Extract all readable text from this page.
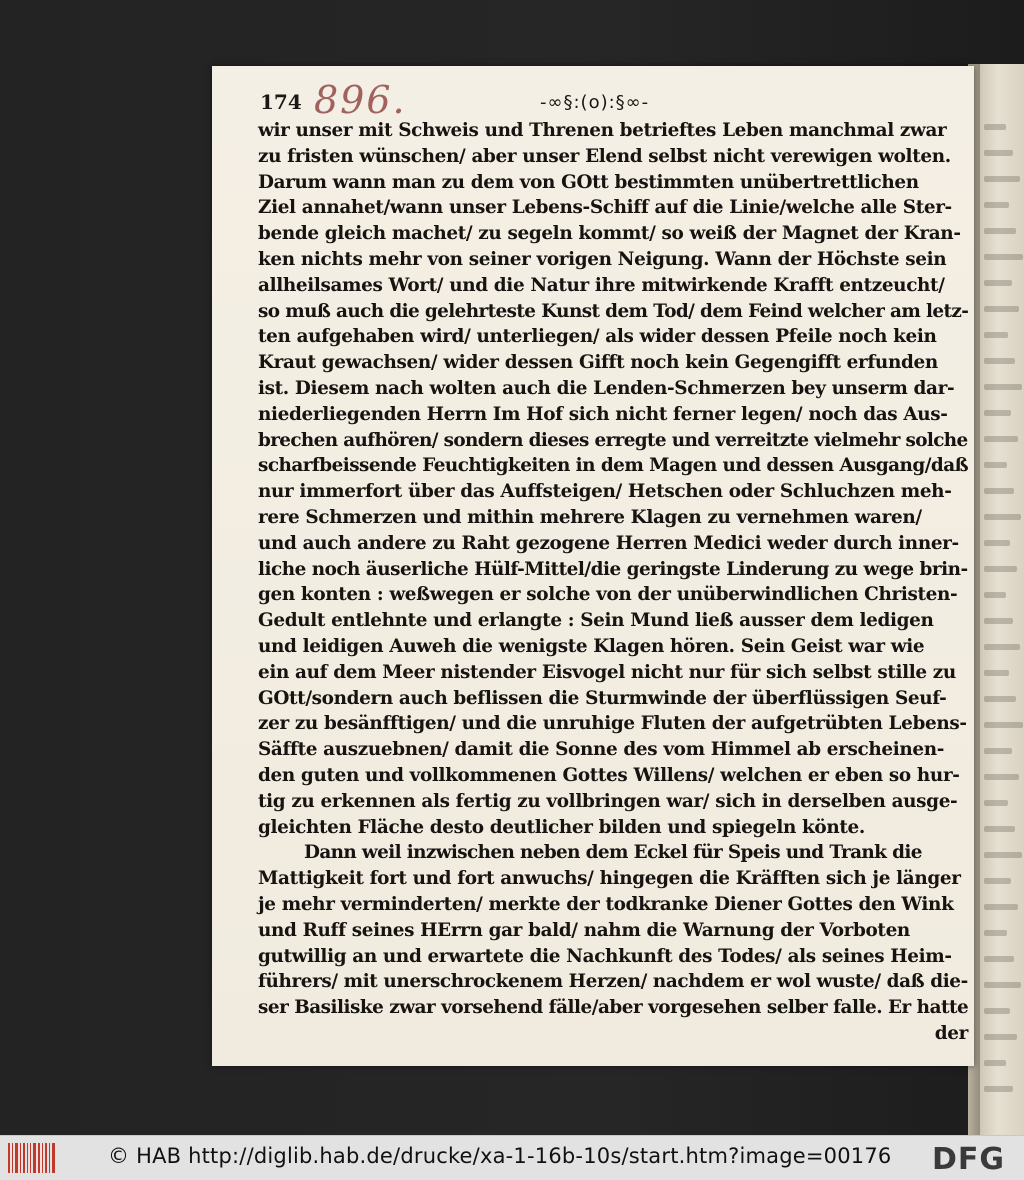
174 896.	-∞§:(o):§∞-
wir unser mit Schweis und Threnen betrieftes Leben manchmal zwar
zu fristen wünschen/ aber unser Elend selbst nicht verewigen wolten.
Darum wann man zu dem von GOtt bestimmten unübertrettlichen
Ziel annahet/wann unser Lebens-Schiff auf die Linie/welche alle Ster-
bende gleich machet/ zu segeln kommt/ so weiß der Magnet der Kran-
ken nichts mehr von seiner vorigen Neigung. Wann der Höchste sein
allheilsames Wort/ und die Natur ihre mitwirkende Krafft entzeucht/
so muß auch die gelehrteste Kunst dem Tod/ dem Feind welcher am letz-
ten aufgehaben wird/ unterliegen/ als wider dessen Pfeile noch kein
Kraut gewachsen/ wider dessen Gifft noch kein Gegengifft erfunden
ist. Diesem nach wolten auch die Lenden-Schmerzen bey unserm dar-
niederliegenden Herrn Im Hof sich nicht ferner legen/ noch das Aus-
brechen aufhören/ sondern dieses erregte und verreitzte vielmehr solche
scharfbeissende Feuchtigkeiten in dem Magen und dessen Ausgang/daß
nur immerfort über das Auffsteigen/ Hetschen oder Schluchzen meh-
rere Schmerzen und mithin mehrere Klagen zu vernehmen waren/
und auch andere zu Raht gezogene Herren Medici weder durch inner-
liche noch äuserliche Hülf-Mittel/die geringste Linderung zu wege brin-
gen konten : weßwegen er solche von der unüberwindlichen Christen-
Gedult entlehnte und erlangte : Sein Mund ließ ausser dem ledigen
und leidigen Auweh die wenigste Klagen hören. Sein Geist war wie
ein auf dem Meer nistender Eisvogel nicht nur für sich selbst stille zu
GOtt/sondern auch beflissen die Sturmwinde der überflüssigen Seuf-
zer zu besänfftigen/ und die unruhige Fluten der aufgetrübten Lebens-
Säffte auszuebnen/ damit die Sonne des vom Himmel ab erscheinen-
den guten und vollkommenen Gottes Willens/ welchen er eben so hur-
tig zu erkennen als fertig zu vollbringen war/ sich in derselben ausge-
gleichten Fläche desto deutlicher bilden und spiegeln könte.
Dann weil inzwischen neben dem Eckel für Speis und Trank die
Mattigkeit fort und fort anwuchs/ hingegen die Kräfften sich je länger
je mehr verminderten/ merkte der todkranke Diener Gottes den Wink
und Ruff seines HErrn gar bald/ nahm die Warnung der Vorboten
gutwillig an und erwartete die Nachkunft des Todes/ als seines Heim-
führers/ mit unerschrockenem Herzen/ nachdem er wol wuste/ daß die-
ser Basiliske zwar vorsehend fälle/aber vorgesehen selber falle. Er hatte
der
© HAB http://diglib.hab.de/drucke/xa-1-16b-10s/start.htm?image=00176 DFG
